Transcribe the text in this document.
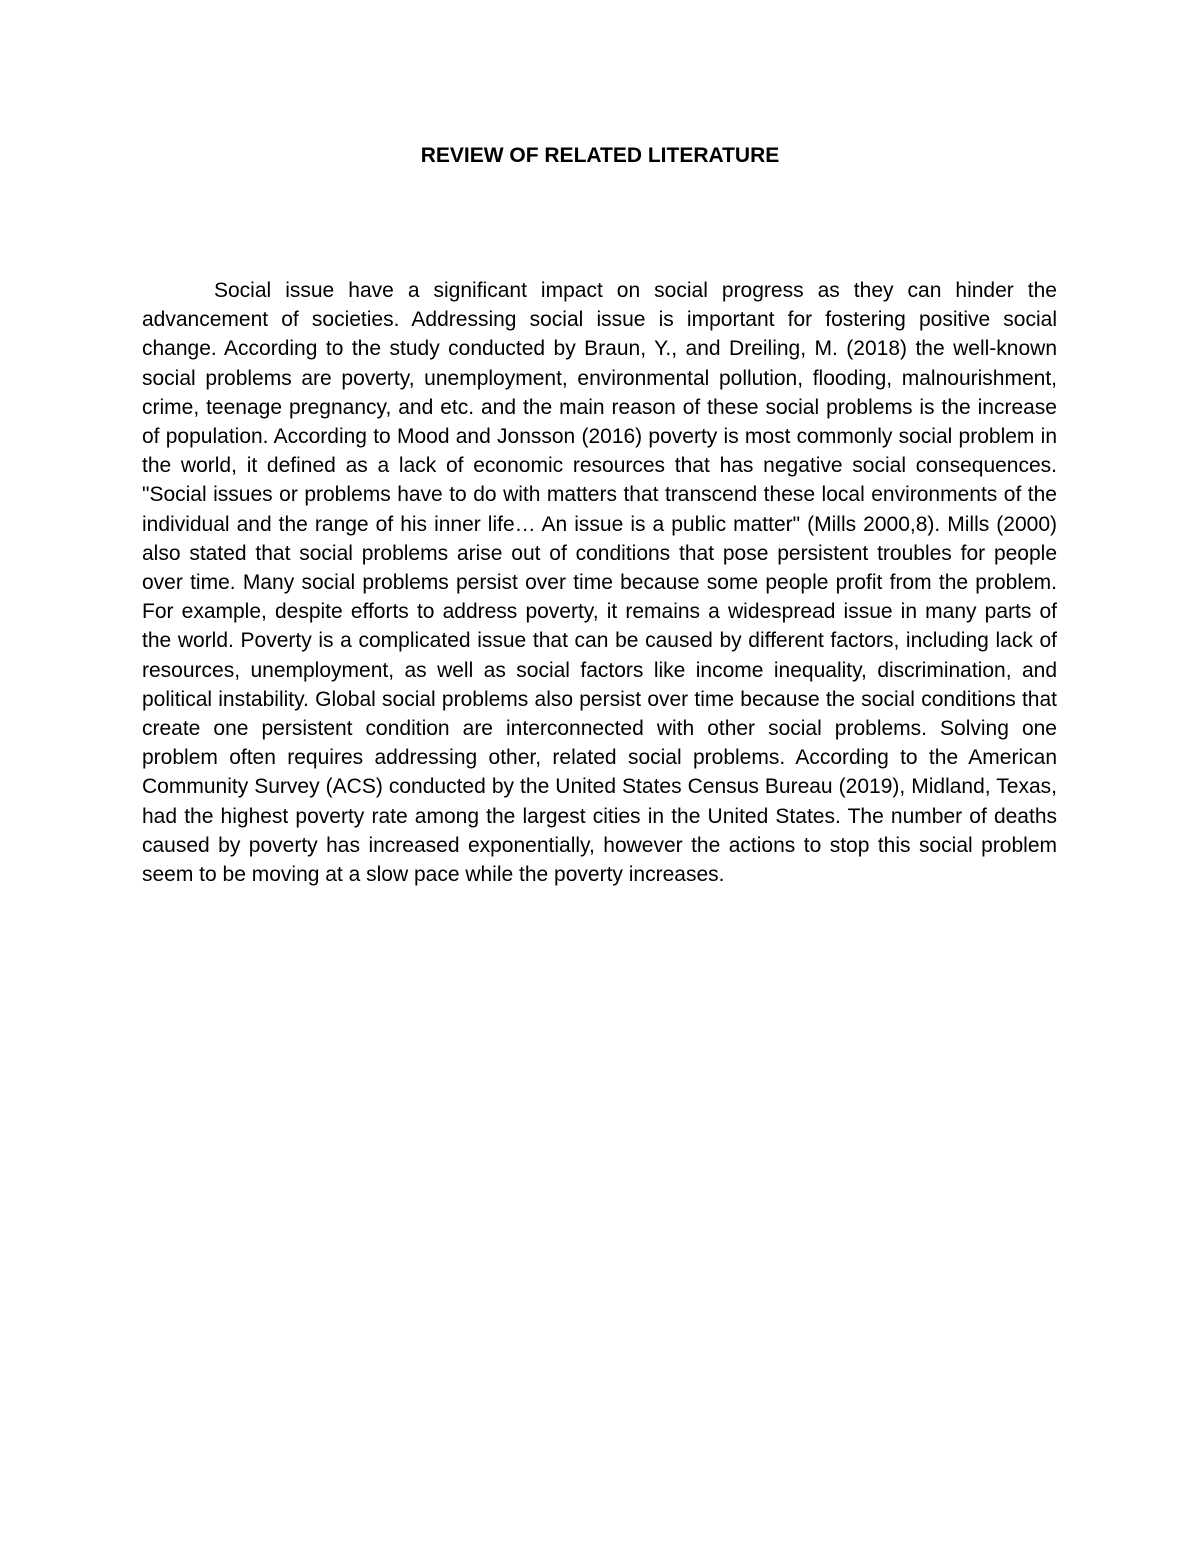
REVIEW OF RELATED LITERATURE

Social issue have a significant impact on social progress as they can hinder the advancement of societies. Addressing social issue is important for fostering positive social change. According to the study conducted by Braun, Y., and Dreiling, M. (2018) the well-known social problems are poverty, unemployment, environmental pollution, flooding, malnourishment, crime, teenage pregnancy, and etc. and the main reason of these social problems is the increase of population. According to Mood and Jonsson (2016) poverty is most commonly social problem in the world, it defined as a lack of economic resources that has negative social consequences. "Social issues or problems have to do with matters that transcend these local environments of the individual and the range of his inner life… An issue is a public matter" (Mills 2000,8). Mills (2000) also stated that social problems arise out of conditions that pose persistent troubles for people over time. Many social problems persist over time because some people profit from the problem. For example, despite efforts to address poverty, it remains a widespread issue in many parts of the world. Poverty is a complicated issue that can be caused by different factors, including lack of resources, unemployment, as well as social factors like income inequality, discrimination, and political instability. Global social problems also persist over time because the social conditions that create one persistent condition are interconnected with other social problems. Solving one problem often requires addressing other, related social problems. According to the American Community Survey (ACS) conducted by the United States Census Bureau (2019), Midland, Texas, had the highest poverty rate among the largest cities in the United States. The number of deaths caused by poverty has increased exponentially, however the actions to stop this social problem seem to be moving at a slow pace while the poverty increases.
